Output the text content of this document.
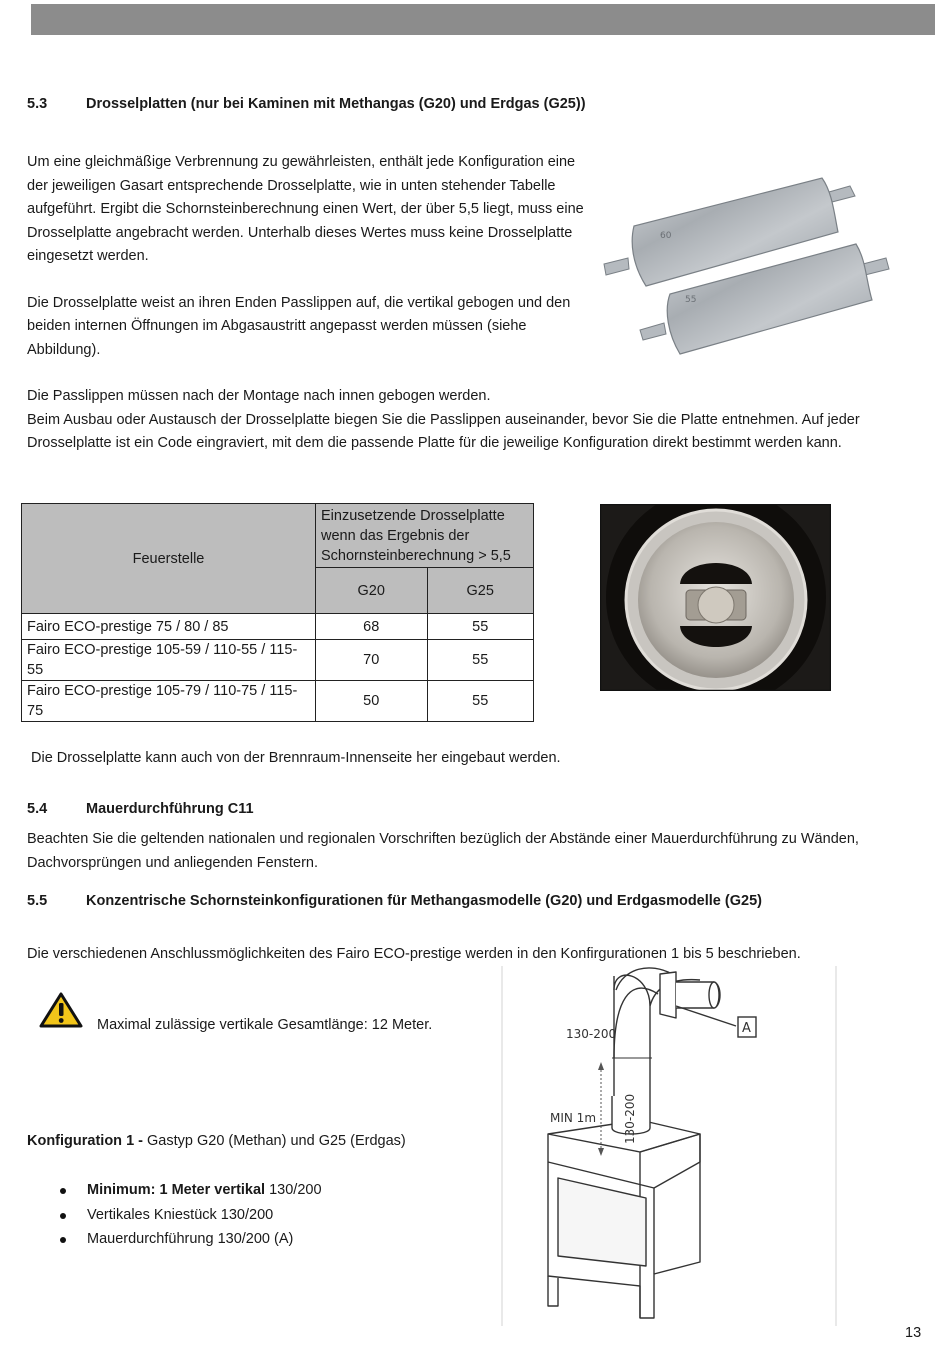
5.3	Drosselplatten (nur bei Kaminen mit Methangas (G20) und Erdgas (G25))

Um eine gleichmäßige Verbrennung zu gewährleisten, enthält jede Konfiguration eine der jeweiligen Gasart entsprechende Drosselplatte, wie in unten stehender Tabelle aufgeführt. Ergibt die Schornsteinberechnung einen Wert, der über 5,5 liegt, muss eine Drosselplatte angebracht werden. Unterhalb dieses Wertes muss keine Drosselplatte eingesetzt werden.

Die Drosselplatte weist an ihren Enden Passlippen auf, die vertikal gebogen und den beiden internen Öffnungen im Abgasaustritt angepasst werden müssen (siehe Abbildung).

Die Passlippen müssen nach der Montage nach innen gebogen werden.

Beim Ausbau oder Austausch der Drosselplatte biegen Sie die Passlippen auseinander, bevor Sie die Platte entnehmen. Auf jeder Drosselplatte ist ein Code eingraviert, mit dem die passende Platte für die jeweilige Konfiguration direkt bestimmt werden kann.

60
55
Feuerstelle	Einzusetzende Drosselplatte wenn das Ergebnis der Schornsteinberechnung > 5,5	
	G20	G25
Fairo ECO-prestige 75 / 80 / 85	68	55
Fairo ECO-prestige 105-59 / 110-55 / 115-55	70	55
Fairo ECO-prestige 105-79 / 110-75 / 115-75	50	55
Die Drosselplatte kann auch von der Brennraum-Innenseite her eingebaut werden.
5.4	Mauerdurchführung C11
Beachten Sie die geltenden nationalen und regionalen Vorschriften bezüglich der Abstände einer Mauerdurchführung zu Wänden, Dachvorsprüngen und anliegenden Fenstern.
5.5	Konzentrische Schornsteinkonfigurationen für Methangasmodelle (G20) und Erdgasmodelle (G25)
Die verschiedenen Anschlussmöglichkeiten des Fairo ECO-prestige werden in den Konfirgurationen 1 bis 5 beschrieben.
Maximal zulässige vertikale Gesamtlänge: 12 Meter.
Konfiguration 1 - Gastyp G20 (Methan) und G25 (Erdgas)
Minimum: 1 Meter vertikal 130/200
Vertikales Kniestück 130/200
Mauerdurchführung 130/200 (A)
130-200
MIN 1m 130-200
A
13
